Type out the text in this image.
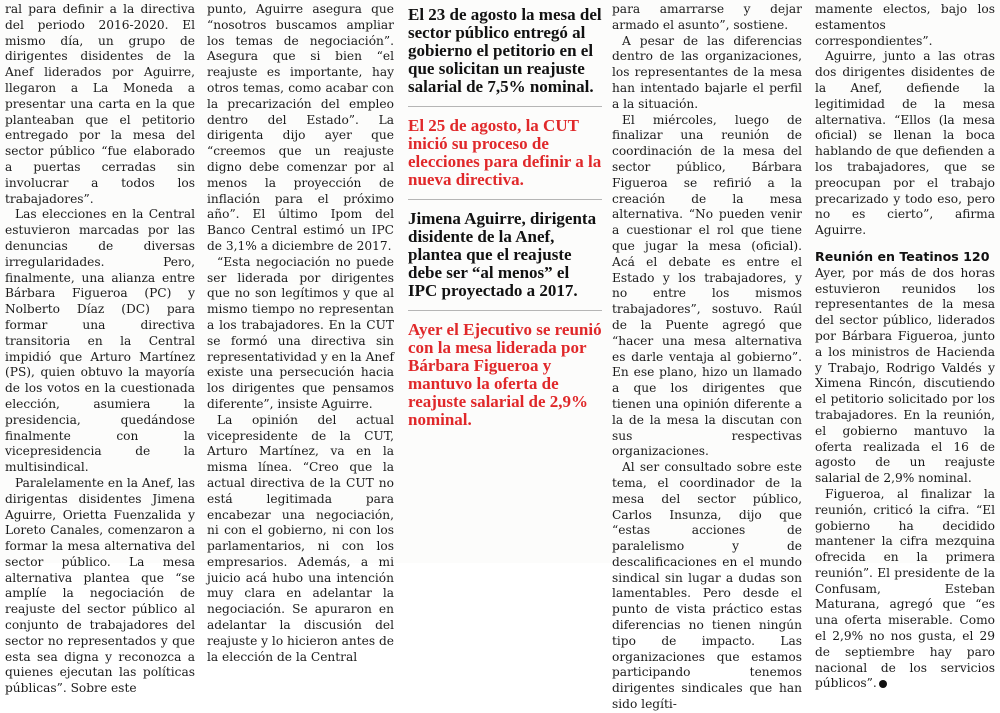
ral para definir a la directiva del periodo 2016-2020. El mismo día, un grupo de dirigentes disidentes de la Anef liderados por Aguirre, llegaron a La Moneda a presentar una carta en la que planteaban que el petitorio entregado por la mesa del sector público “fue elaborado a puertas cerradas sin involucrar a todos los trabajadores”.

Las elecciones en la Central estuvieron marcadas por las denuncias de diversas irregularidades. Pero, finalmente, una alianza entre Bárbara Figueroa (PC) y Nolberto Díaz (DC) para formar una directiva transitoria en la Central impidió que Arturo Martínez (PS), quien obtuvo la mayoría de los votos en la cuestionada elección, asumiera la presidencia, quedándose finalmente con la vicepresidencia de la multisindical.

Paralelamente en la Anef, las dirigentas disidentes Jimena Aguirre, Orietta Fuenzalida y Loreto Canales, comenzaron a formar la mesa alternativa del sector público. La mesa alternativa plantea que “se amplíe la negociación de reajuste del sector público al conjunto de trabajadores del sector no representados y que esta sea digna y reconozca a quienes ejecutan las políticas públicas”. Sobre este

punto, Aguirre asegura que “nosotros buscamos ampliar los temas de negociación”. Asegura que si bien “el reajuste es importante, hay otros temas, como acabar con la precarización del empleo dentro del Estado”. La dirigenta dijo ayer que “creemos que un reajuste digno debe comenzar por al menos la proyección de inflación para el próximo año”. El último Ipom del Banco Central estimó un IPC de 3,1% a diciembre de 2017.

“Esta negociación no puede ser liderada por dirigentes que no son legítimos y que al mismo tiempo no representan a los trabajadores. En la CUT se formó una directiva sin representatividad y en la Anef existe una persecución hacia los dirigentes que pensamos diferente”, insiste Aguirre.

La opinión del actual vicepresidente de la CUT, Arturo Martínez, va en la misma línea. “Creo que la actual directiva de la CUT no está legitimada para encabezar una negociación, ni con el gobierno, ni con los parlamentarios, ni con los empresarios. Además, a mi juicio acá hubo una intención muy clara en adelantar la negociación. Se apuraron en adelantar la discusión del reajuste y lo hicieron antes de la elección de la Central

El 23 de agosto la mesa del sector público entregó al gobierno el petitorio en el que solicitan un reajuste salarial de 7,5% nominal.

El 25 de agosto, la CUT inició su proceso de elecciones para definir a la nueva directiva.

Jimena Aguirre, dirigenta disidente de la Anef, plantea que el reajuste debe ser “al menos” el IPC proyectado a 2017.

Ayer el Ejecutivo se reunió con la mesa liderada por Bárbara Figueroa y mantuvo la oferta de reajuste salarial de 2,9% nominal.

para amarrarse y dejar armado el asunto”, sostiene.

A pesar de las diferencias dentro de las organizaciones, los representantes de la mesa han intentado bajarle el perfil a la situación.

El miércoles, luego de finalizar una reunión de coordinación de la mesa del sector público, Bárbara Figueroa se refirió a la creación de la mesa alternativa. “No pueden venir a cuestionar el rol que tiene que jugar la mesa (oficial). Acá el debate es entre el Estado y los trabajadores, y no entre los mismos trabajadores”, sostuvo. Raúl de la Puente agregó que “hacer una mesa alternativa es darle ventaja al gobierno”. En ese plano, hizo un llamado a que los dirigentes que tienen una opinión diferente a la de la mesa la discutan con sus respectivas organizaciones.

Al ser consultado sobre este tema, el coordinador de la mesa del sector público, Carlos Insunza, dijo que “estas acciones de paralelismo y de descalificaciones en el mundo sindical sin lugar a dudas son lamentables. Pero desde el punto de vista práctico estas diferencias no tienen ningún tipo de impacto. Las organizaciones que estamos participando tenemos dirigentes sindicales que han sido legíti-

mamente electos, bajo los estamentos correspondientes”.

Aguirre, junto a las otras dos dirigentes disidentes de la Anef, defiende la legitimidad de la mesa alternativa. “Ellos (la mesa oficial) se llenan la boca hablando de que defienden a los trabajadores, que se preocupan por el trabajo precarizado y todo eso, pero no es cierto”, afirma Aguirre.

Reunión en Teatinos 120

Ayer, por más de dos horas estuvieron reunidos los representantes de la mesa del sector público, liderados por Bárbara Figueroa, junto a los ministros de Hacienda y Trabajo, Rodrigo Valdés y Ximena Rincón, discutiendo el petitorio solicitado por los trabajadores. En la reunión, el gobierno mantuvo la oferta realizada el 16 de agosto de un reajuste salarial de 2,9% nominal.

Figueroa, al finalizar la reunión, criticó la cifra. “El gobierno ha decidido mantener la cifra mezquina ofrecida en la primera reunión”. El presidente de la Confusam, Esteban Maturana, agregó que “es una oferta miserable. Como el 2,9% no nos gusta, el 29 de septiembre hay paro nacional de los servicios públicos”.
